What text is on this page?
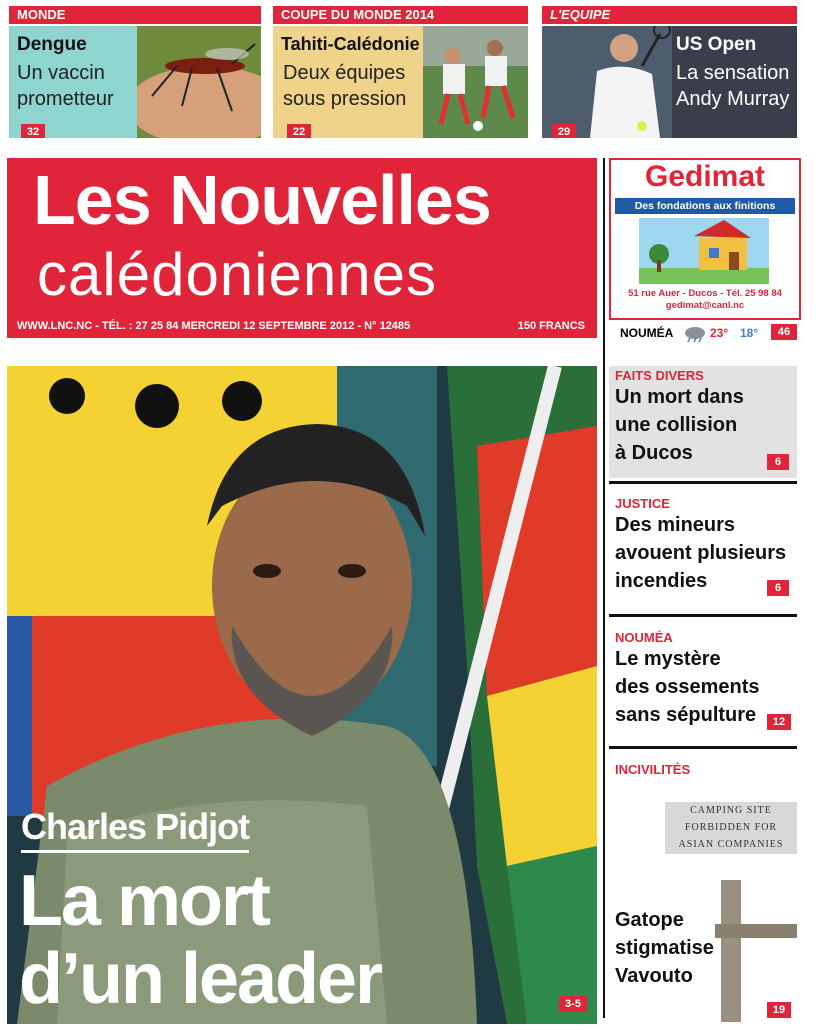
MONDE
Dengue
Un vaccin
prometteur
32
COUPE DU MONDE 2014
Tahiti-Calédonie
Deux équipes
sous pression
22
L'EQUIPE
US Open
La sensation
Andy Murray
29
Les Nouvelles
calédoniennes
WWW.LNC.NC - TÉL. : 27 25 84 MERCREDI 12 SEPTEMBRE 2012 - N° 12485	150 FRANCS
Gedimat
Des fondations aux finitions
51 rue Auer - Ducos - Tél. 25 98 84
gedimat@canl.nc
NOUMÉA	23° 18°	46
Charles Pidjot
La mort
d’un leader	3-5
FAITS DIVERS
Un mort dans
une collision
à Ducos	6
JUSTICE
Des mineurs
avouent plusieurs
incendies	6
NOUMÉA
Le mystère
des ossements
sans sépulture	12
INCIVILITÉS
CAMPING SITE
FORBIDDEN FOR
ASIAN COMPANIES
Gatope
stigmatise
Vavouto
19
